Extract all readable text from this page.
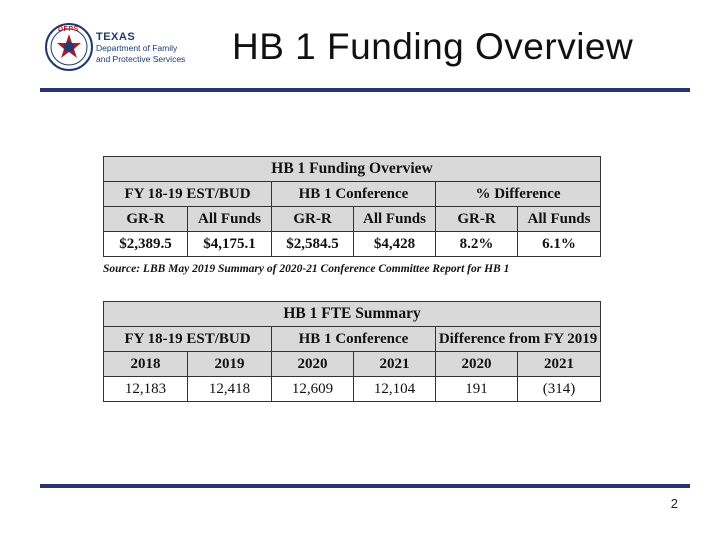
DFPS
TEXAS
Department of Family
and Protective Services HB 1 Funding Overview
HB 1 Funding Overview					
FY 18-19 EST/BUD		HB 1 Conference		% Difference	
GR-R	All Funds	GR-R	All Funds	GR-R	All Funds
$2,389.5	$4,175.1	$2,584.5	$4,428	8.2%	6.1%
Source: LBB May 2019 Summary of 2020-21 Conference Committee Report for HB 1
HB 1 FTE Summary					
FY 18-19 EST/BUD		HB 1 Conference		Difference from FY 2019	
2018	2019	2020	2021	2020	2021
12,183	12,418	12,609	12,104	191	(314)
2
